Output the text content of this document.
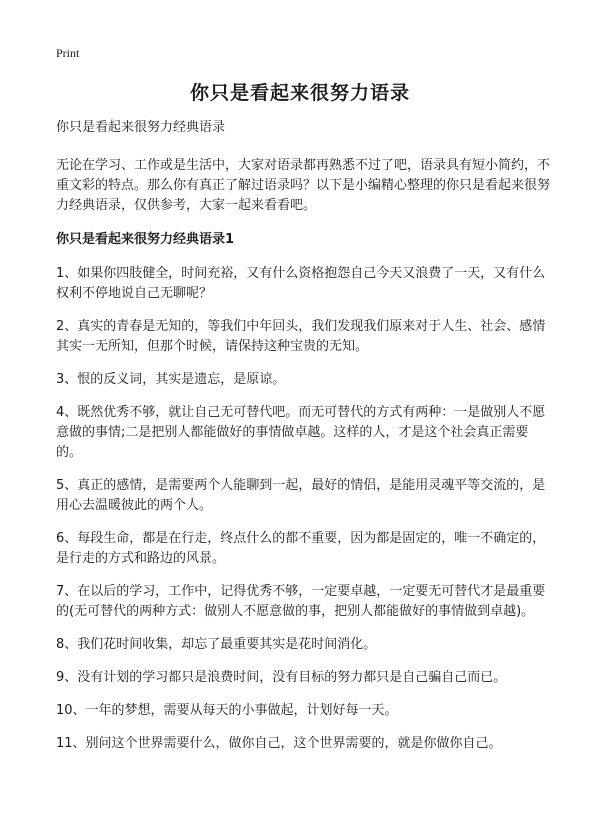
Print
你只是看起来很努力语录

你只是看起来很努力经典语录

无论在学习、工作或是生活中，大家对语录都再熟悉不过了吧，语录具有短小简约，不重文彩的特点。那么你有真正了解过语录吗？以下是小编精心整理的你只是看起来很努力经典语录，仅供参考，大家一起来看看吧。

你只是看起来很努力经典语录1

1、如果你四肢健全，时间充裕，又有什么资格抱怨自己今天又浪费了一天，又有什么权利不停地说自己无聊呢？
2、真实的青春是无知的，等我们中年回头，我们发现我们原来对于人生、社会、感情其实一无所知，但那个时候，请保持这种宝贵的无知。
3、恨的反义词，其实是遗忘，是原谅。
4、既然优秀不够，就让自己无可替代吧。而无可替代的方式有两种：一是做别人不愿意做的事情;二是把别人都能做好的事情做卓越。这样的人，才是这个社会真正需要的。
5、真正的感情，是需要两个人能聊到一起，最好的情侣，是能用灵魂平等交流的，是用心去温暖彼此的两个人。
6、每段生命，都是在行走，终点什么的都不重要，因为都是固定的，唯一不确定的，是行走的方式和路边的风景。
7、在以后的学习，工作中，记得优秀不够，一定要卓越，一定要无可替代才是最重要的(无可替代的两种方式：做别人不愿意做的事，把别人都能做好的事情做到卓越)。
8、我们花时间收集，却忘了最重要其实是花时间消化。
9、没有计划的学习都只是浪费时间，没有目标的努力都只是自己骗自己而已。
10、一年的梦想，需要从每天的小事做起，计划好每一天。
11、别问这个世界需要什么，做你自己，这个世界需要的，就是你做你自己。
